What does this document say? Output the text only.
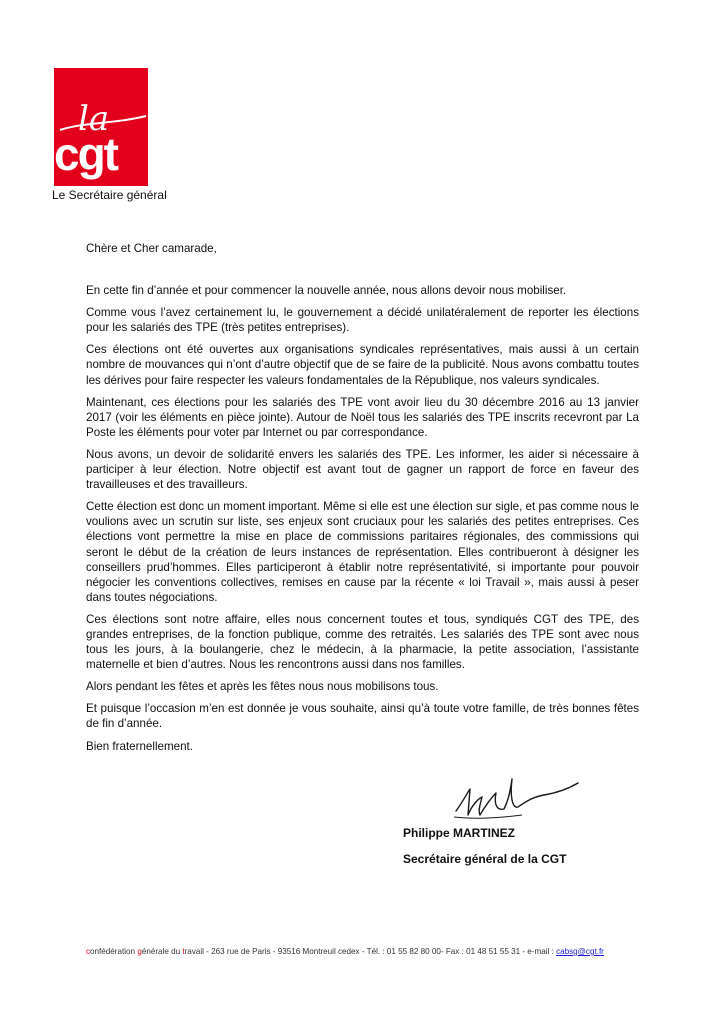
la
cgt
Le Secrétaire général

Chère et Cher camarade,

En cette fin d’année et pour commencer la nouvelle année, nous allons devoir nous mobiliser.

Comme vous l’avez certainement lu, le gouvernement a décidé unilatéralement de reporter les élections pour les salariés des TPE (très petites entreprises).

Ces élections ont été ouvertes aux organisations syndicales représentatives, mais aussi à un certain nombre de mouvances qui n’ont d’autre objectif que de se faire de la publicité. Nous avons combattu toutes les dérives pour faire respecter les valeurs fondamentales de la République, nos valeurs syndicales.

Maintenant, ces élections pour les salariés des TPE vont avoir lieu du 30 décembre 2016 au 13 janvier 2017 (voir les éléments en pièce jointe). Autour de Noël tous les salariés des TPE inscrits recevront par La Poste les éléments pour voter par Internet ou par correspondance.

Nous avons, un devoir de solidarité envers les salariés des TPE. Les informer, les aider si nécessaire à participer à leur élection. Notre objectif est avant tout de gagner un rapport de force en faveur des travailleuses et des travailleurs.

Cette élection est donc un moment important. Même si elle est une élection sur sigle, et pas comme nous le voulions avec un scrutin sur liste, ses enjeux sont cruciaux pour les salariés des petites entreprises. Ces élections vont permettre la mise en place de commissions paritaires régionales, des commissions qui seront le début de la création de leurs instances de représentation. Elles contribueront à désigner les conseillers prud’hommes. Elles participeront à établir notre représentativité, si importante pour pouvoir négocier les conventions collectives, remises en cause par la récente « loi Travail », mais aussi à peser dans toutes négociations.

Ces élections sont notre affaire, elles nous concernent toutes et tous, syndiqués CGT des TPE, des grandes entreprises, de la fonction publique, comme des retraités. Les salariés des TPE sont avec nous tous les jours, à la boulangerie, chez le médecin, à la pharmacie, la petite association, l’assistante maternelle et bien d’autres. Nous les rencontrons aussi dans nos familles.

Alors pendant les fêtes et après les fêtes nous nous mobilisons tous.

Et puisque l’occasion m’en est donnée je vous souhaite, ainsi qu’à toute votre famille, de très bonnes fêtes de fin d’année.

Bien fraternellement.

Philippe MARTINEZ
Secrétaire général de la CGT
confédération générale du travail - 263 rue de Paris - 93516 Montreuil cedex - Tél. : 01 55 82 80 00- Fax : 01 48 51 55 31 - e-mail : cabsg@cgt.fr
